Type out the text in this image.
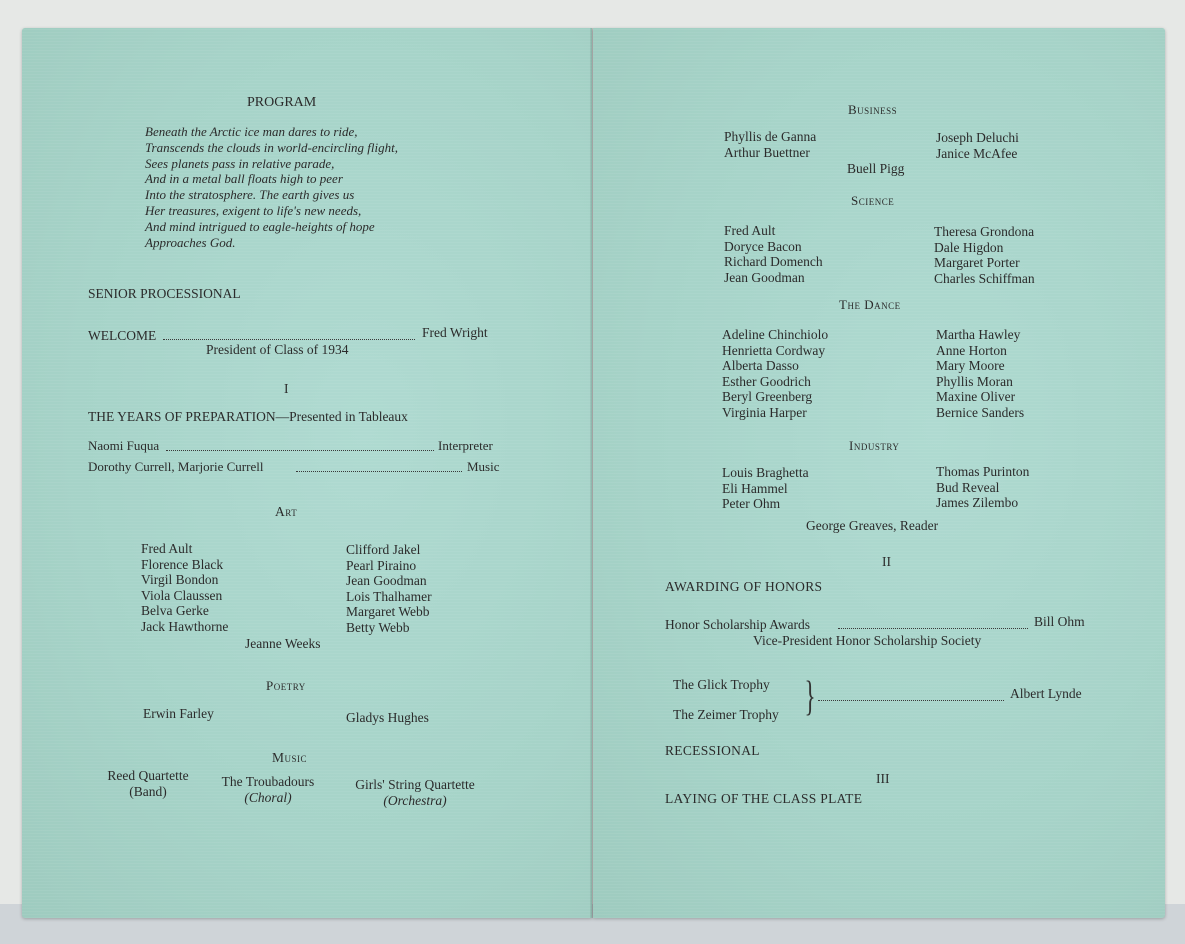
PROGRAM
Beneath the Arctic ice man dares to ride,
Transcends the clouds in world-encircling flight,
Sees planets pass in relative parade,
And in a metal ball floats high to peer
Into the stratosphere. The earth gives us
Her treasures, exigent to life's new needs,
And mind intrigued to eagle-heights of hope
Approaches God.
SENIOR PROCESSIONAL
WELCOME	Fred Wright
President of Class of 1934
I
THE YEARS OF PREPARATION—Presented in Tableaux
Naomi Fuqua	Interpreter
Dorothy Currell, Marjorie Currell	Music
Art
Fred Ault
Florence Black
Virgil Bondon
Viola Claussen
Belva Gerke
Jack Hawthorne
Clifford Jakel
Pearl Piraino
Jean Goodman
Lois Thalhamer
Margaret Webb
Betty Webb
Jeanne Weeks
Poetry
Erwin Farley	Gladys Hughes
Music
Reed Quartette
(Band)
The Troubadours
(Choral)
Girls' String Quartette
(Orchestra)
Business
Phyllis de Ganna
Arthur Buettner
Joseph Deluchi
Janice McAfee
Buell Pigg
Science
Fred Ault
Doryce Bacon
Richard Domench
Jean Goodman
Theresa Grondona
Dale Higdon
Margaret Porter
Charles Schiffman
The Dance
Adeline Chinchiolo
Henrietta Cordway
Alberta Dasso
Esther Goodrich
Beryl Greenberg
Virginia Harper
Martha Hawley
Anne Horton
Mary Moore
Phyllis Moran
Maxine Oliver
Bernice Sanders
Industry
Louis Braghetta
Eli Hammel
Peter Ohm
Thomas Purinton
Bud Reveal
James Zilembo
George Greaves, Reader
II
AWARDING OF HONORS
Honor Scholarship Awards	Bill Ohm
Vice-President Honor Scholarship Society
The Glick Trophy
The Zeimer Trophy }	Albert Lynde
RECESSIONAL
III
LAYING OF THE CLASS PLATE
